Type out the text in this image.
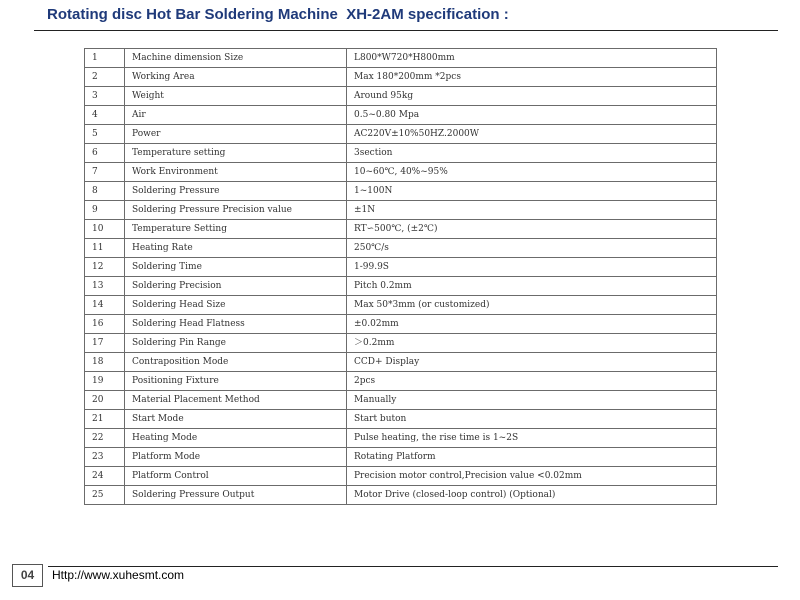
Rotating disc Hot Bar Soldering Machine  XH-2AM specification :
1	Machine dimension Size	L800*W720*H800mm
2	Working Area	Max 180*200mm *2pcs
3	Weight	Around 95kg
4	Air	0.5~0.80 Mpa
5	Power	AC220V±10%50HZ.2000W
6	Temperature setting	3section
7	Work Environment	10~60℃, 40%~95%
8	Soldering Pressure	1~100N
9	Soldering Pressure Precision value	±1N
10	Temperature Setting	RT∽500℃, (±2℃)
11	Heating Rate	250℃/s
12	Soldering Time	1-99.9S
13	Soldering Precision	Pitch 0.2mm
14	Soldering Head Size	Max 50*3mm (or customized)
16	Soldering Head Flatness	±0.02mm
17	Soldering Pin Range	＞0.2mm
18	Contraposition Mode	CCD+ Display
19	Positioning Fixture	2pcs
20	Material Placement Method	Manually
21	Start Mode	Start buton
22	Heating Mode	Pulse heating, the rise time is 1~2S
23	Platform Mode	Rotating Platform
24	Platform Control	Precision motor control,Precision value <0.02mm
25	Soldering Pressure Output	Motor Drive (closed-loop control) (Optional)
04	Http://www.xuhesmt.com
